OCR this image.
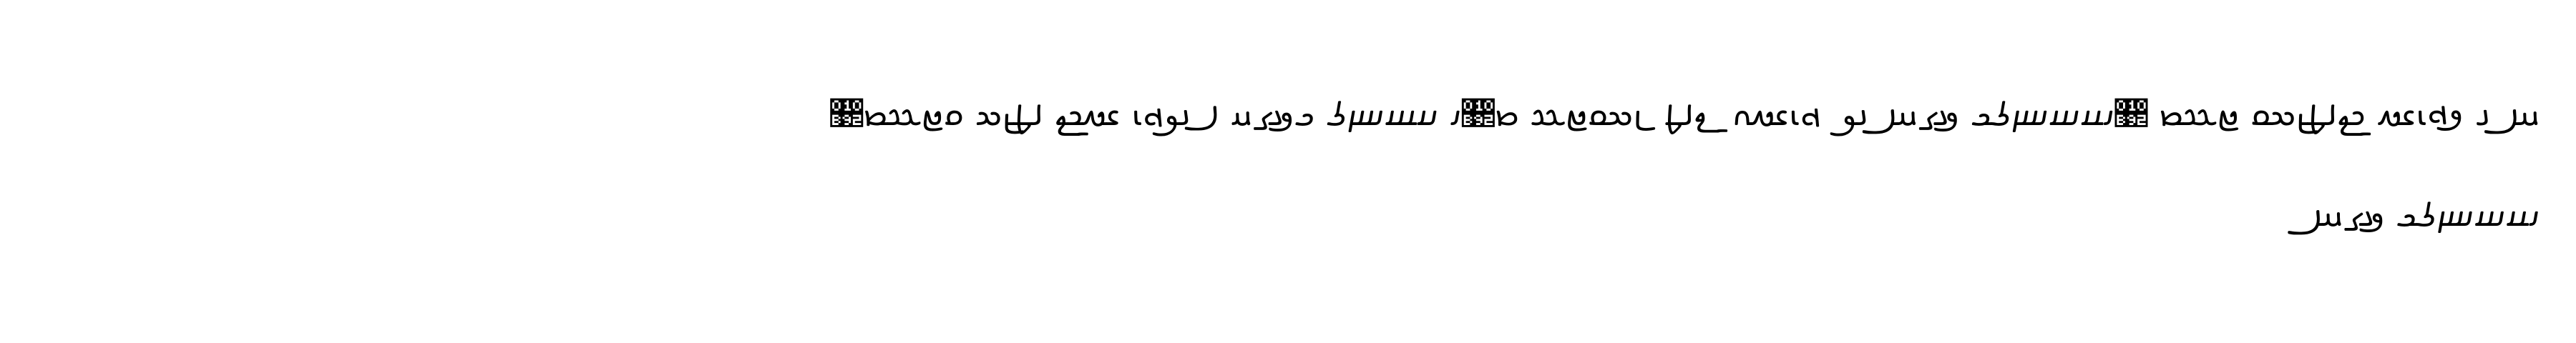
𐮀𐮁𐮂 𐮃𐮄𐮅𐮆𐮇 𐮈𐮉𐮊𐮋𐮌𐮍𐮎 𐮏𐮐𐮑 𐮒𐮩𐮪𐮫𐮬𐮭𐮮 𐮯𐮀𐮁𐮂𐮃 𐮄𐮅𐮆𐮇𐮈 𐮉𐮊𐮋 𐮌𐮍𐮎𐮏𐮐 𐮑𐮒𐮩 𐮪𐮫𐮬𐮭 𐮮𐮯𐮀 𐮁𐮂𐮃𐮄𐮅 𐮆𐮇𐮈𐮉 𐮊𐮋𐮌𐮍 𐮎𐮏𐮐𐮑𐮒
𐮩𐮪𐮫𐮬𐮭𐮮 𐮯𐮀𐮁
